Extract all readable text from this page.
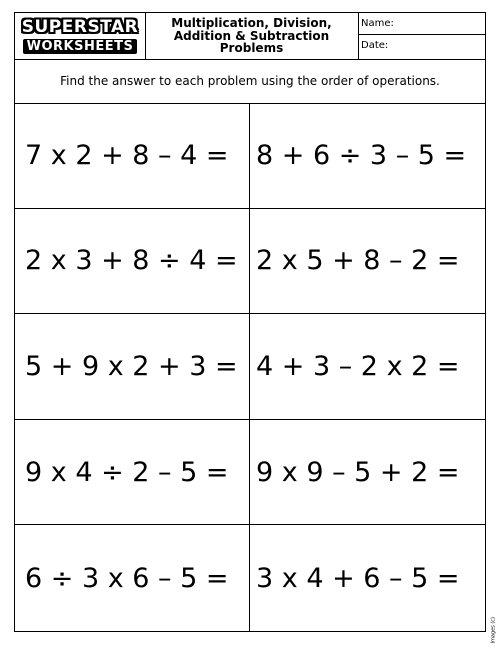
SUPERSTAR
WORKSHEETS
Multiplication, Division,
Addition & Subtraction
Problems
Name:
Date:
Find the answer to each problem using the order of operations.
7 x 2 + 8 – 4 =	8 + 6 ÷ 3 – 5 =
2 x 3 + 8 ÷ 4 = 2 x 5 + 8 – 2 =
5 + 9 x 2 + 3 = 4 + 3 – 2 x 2 =
9 x 4 ÷ 2 – 5 =	9 x 9 – 5 + 2 =
6 ÷ 3 x 6 – 5 =	3 x 4 + 6 – 5 =
Images (c)
